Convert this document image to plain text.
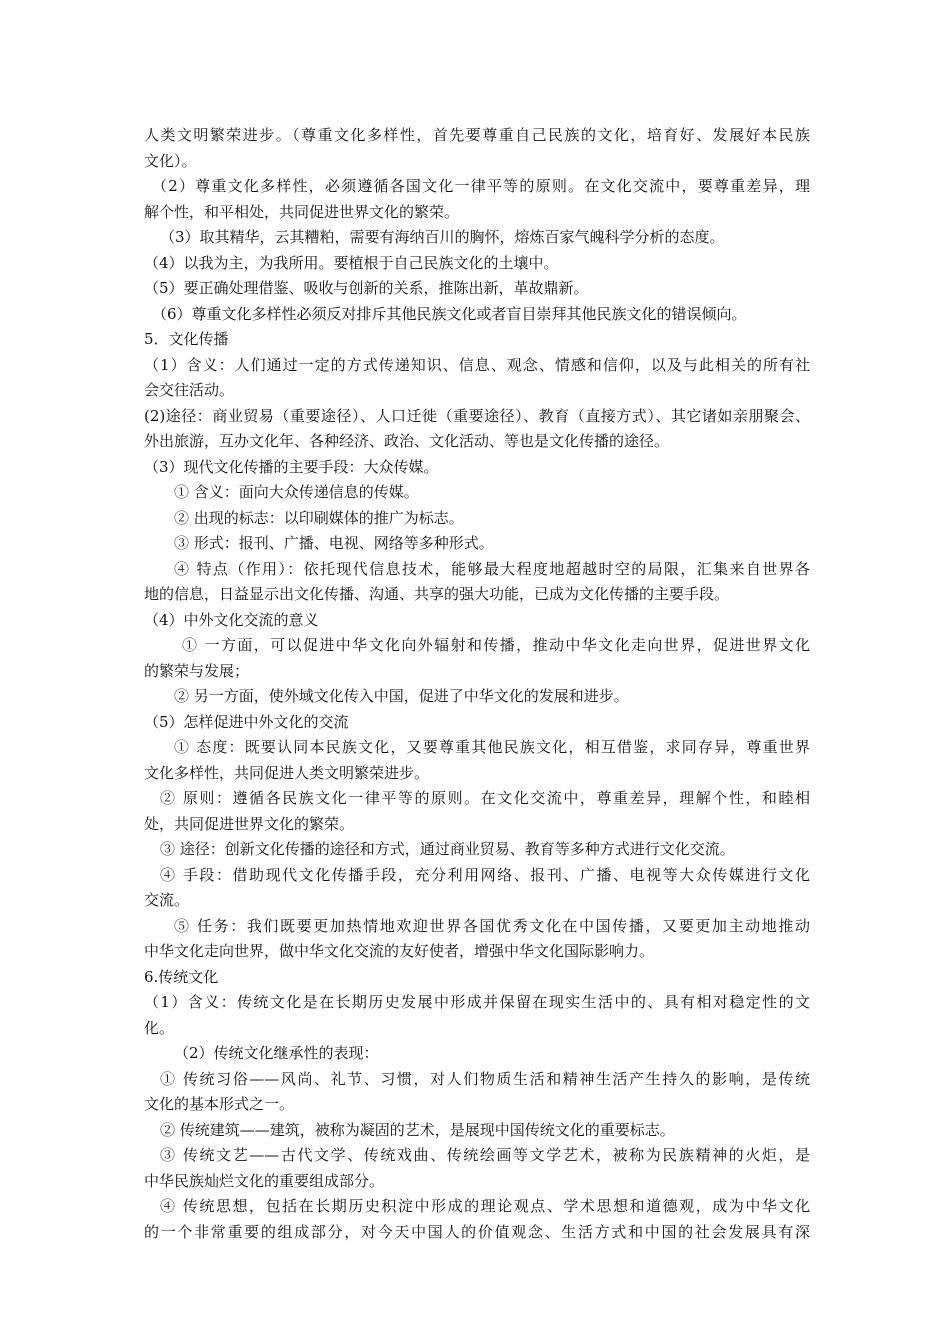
人类文明繁荣进步。（尊重文化多样性，首先要尊重自己民族的文化，培育好、发展好本民族
文化）。
（2）尊重文化多样性，必须遵循各国文化一律平等的原则。在文化交流中，要尊重差异，理
解个性，和平相处，共同促进世界文化的繁荣。
（3）取其精华，云其糟粕，需要有海纳百川的胸怀，熔炼百家气魄科学分析的态度。
（4）以我为主，为我所用。要植根于自己民族文化的土壤中。
（5）要正确处理借鉴、吸收与创新的关系，推陈出新，革故鼎新。
（6）尊重文化多样性必须反对排斥其他民族文化或者盲目崇拜其他民族文化的错误倾向。
5．文化传播
（1）含义：人们通过一定的方式传递知识、信息、观念、情感和信仰，以及与此相关的所有社
会交往活动。
(2)途径：商业贸易（重要途径）、人口迁徙（重要途径）、教育（直接方式）、其它诸如亲朋聚会、
外出旅游，互办文化年、各种经济、政治、文化活动、等也是文化传播的途径。
（3）现代文化传播的主要手段：大众传媒。
① 含义：面向大众传递信息的传媒。
② 出现的标志：以印刷媒体的推广为标志。
③ 形式：报刊、广播、电视、网络等多种形式。
④ 特点（作用）：依托现代信息技术，能够最大程度地超越时空的局限，汇集来自世界各
地的信息，日益显示出文化传播、沟通、共享的强大功能，已成为文化传播的主要手段。
（4）中外文化交流的意义
① 一方面，可以促进中华文化向外辐射和传播，推动中华文化走向世界，促进世界文化
的繁荣与发展；
② 另一方面，使外域文化传入中国，促进了中华文化的发展和进步。
（5）怎样促进中外文化的交流
① 态度：既要认同本民族文化，又要尊重其他民族文化，相互借鉴，求同存异，尊重世界
文化多样性，共同促进人类文明繁荣进步。
② 原则：遵循各民族文化一律平等的原则。在文化交流中，尊重差异，理解个性，和睦相
处，共同促进世界文化的繁荣。
③ 途径：创新文化传播的途径和方式，通过商业贸易、教育等多种方式进行文化交流。
④ 手段：借助现代文化传播手段，充分利用网络、报刊、广播、电视等大众传媒进行文化
交流。
⑤ 任务：我们既要更加热情地欢迎世界各国优秀文化在中国传播，又要更加主动地推动
中华文化走向世界，做中华文化交流的友好使者，增强中华文化国际影响力。
6.传统文化
（1）含义：传统文化是在长期历史发展中形成并保留在现实生活中的、具有相对稳定性的文
化。
（2）传统文化继承性的表现：
① 传统习俗——风尚、礼节、习惯，对人们物质生活和精神生活产生持久的影响，是传统
文化的基本形式之一。
② 传统建筑——建筑，被称为凝固的艺术，是展现中国传统文化的重要标志。
③ 传统文艺——古代文学、传统戏曲、传统绘画等文学艺术，被称为民族精神的火炬，是
中华民族灿烂文化的重要组成部分。
④ 传统思想，包括在长期历史积淀中形成的理论观点、学术思想和道德观，成为中华文化
的一个非常重要的组成部分，对今天中国人的价值观念、生活方式和中国的社会发展具有深
